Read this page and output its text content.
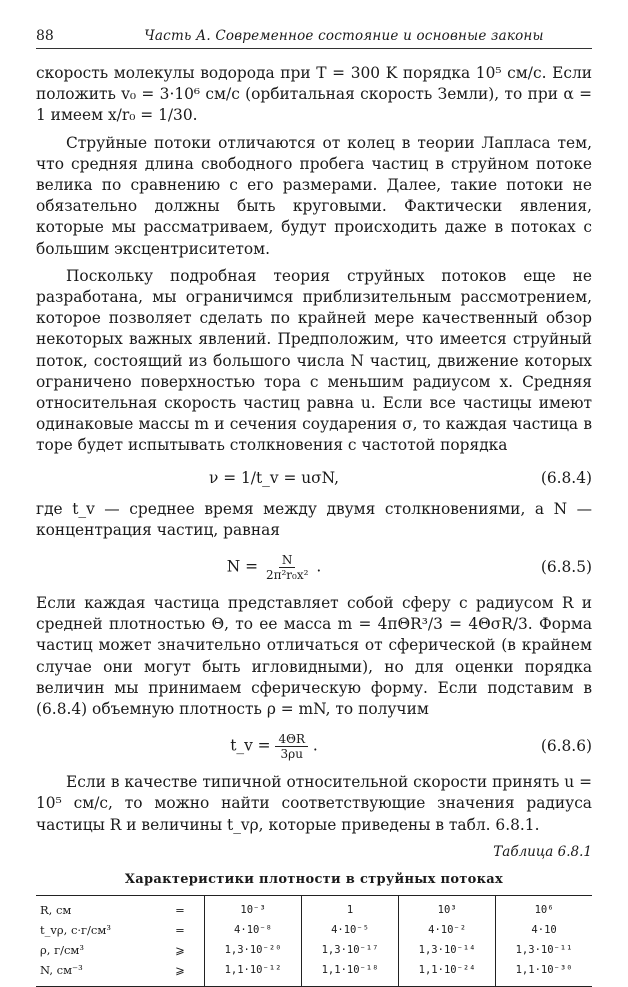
88	Часть А. Современное состояние и основные законы

скорость молекулы водорода при T = 300 K порядка 10⁵ см/с. Если положить v₀ = 3·10⁶ см/с (орбитальная скорость Земли), то при α = 1 имеем x/r₀ = 1/30.

Струйные потоки отличаются от колец в теории Лапласа тем, что средняя длина свободного пробега частиц в струйном потоке велика по сравнению с его размерами. Далее, такие потоки не обязательно должны быть круговыми. Фактически явления, которые мы рассматриваем, будут происходить даже в потоках с большим эксцентриситетом.

Поскольку подробная теория струйных потоков еще не разработана, мы ограничимся приблизительным рассмотрением, которое позволяет сделать по крайней мере качественный обзор некоторых важных явлений. Предположим, что имеется струйный поток, состоящий из большого числа N частиц, движение которых ограничено поверхностью тора с меньшим радиусом x. Средняя относительная скорость частиц равна u. Если все частицы имеют одинаковые массы m и сечения соударения σ, то каждая частица в торе будет испытывать столкновения с частотой порядка

ν = 1/t_v = uσN,	(6.8.4)

где t_v — среднее время между двумя столкновениями, а N — концентрация частиц, равная

$N = \frac{N}{\text{2π²r₀x²}}$ .	(6.8.5)

Если каждая частица представляет собой сферу с радиусом R и средней плотностью Θ, то ее масса m = 4πΘR³/3 = 4ΘσR/3. Форма частиц может значительно отличаться от сферической (в крайнем случае они могут быть игловидными), но для оценки порядка величин мы принимаем сферическую форму. Если подставим в (6.8.4) объемную плотность ρ = mN, то получим

t_v = $\frac{4\Theta R}{3\rho u}$ .	(6.8.6)

Если в качестве типичной относительной скорости принять u = 10⁵ см/с, то можно найти соответствующие значения радиуса частицы R и величины t_vρ, которые приведены в табл. 6.8.1.

Таблица 6.8.1

Характеристики плотности в струйных потоках

R, см	=	10⁻³	1	10³	10⁶
t_vρ, с·г/см³	=	4·10⁻⁸	4·10⁻⁵	4·10⁻²	4·10
ρ, г/см³	⩾	1,3·10⁻²⁰	1,3·10⁻¹⁷	1,3·10⁻¹⁴	1,3·10⁻¹¹
N, см⁻³	⩾	1,1·10⁻¹²	1,1·10⁻¹⁸	1,1·10⁻²⁴	1,1·10⁻³⁰
